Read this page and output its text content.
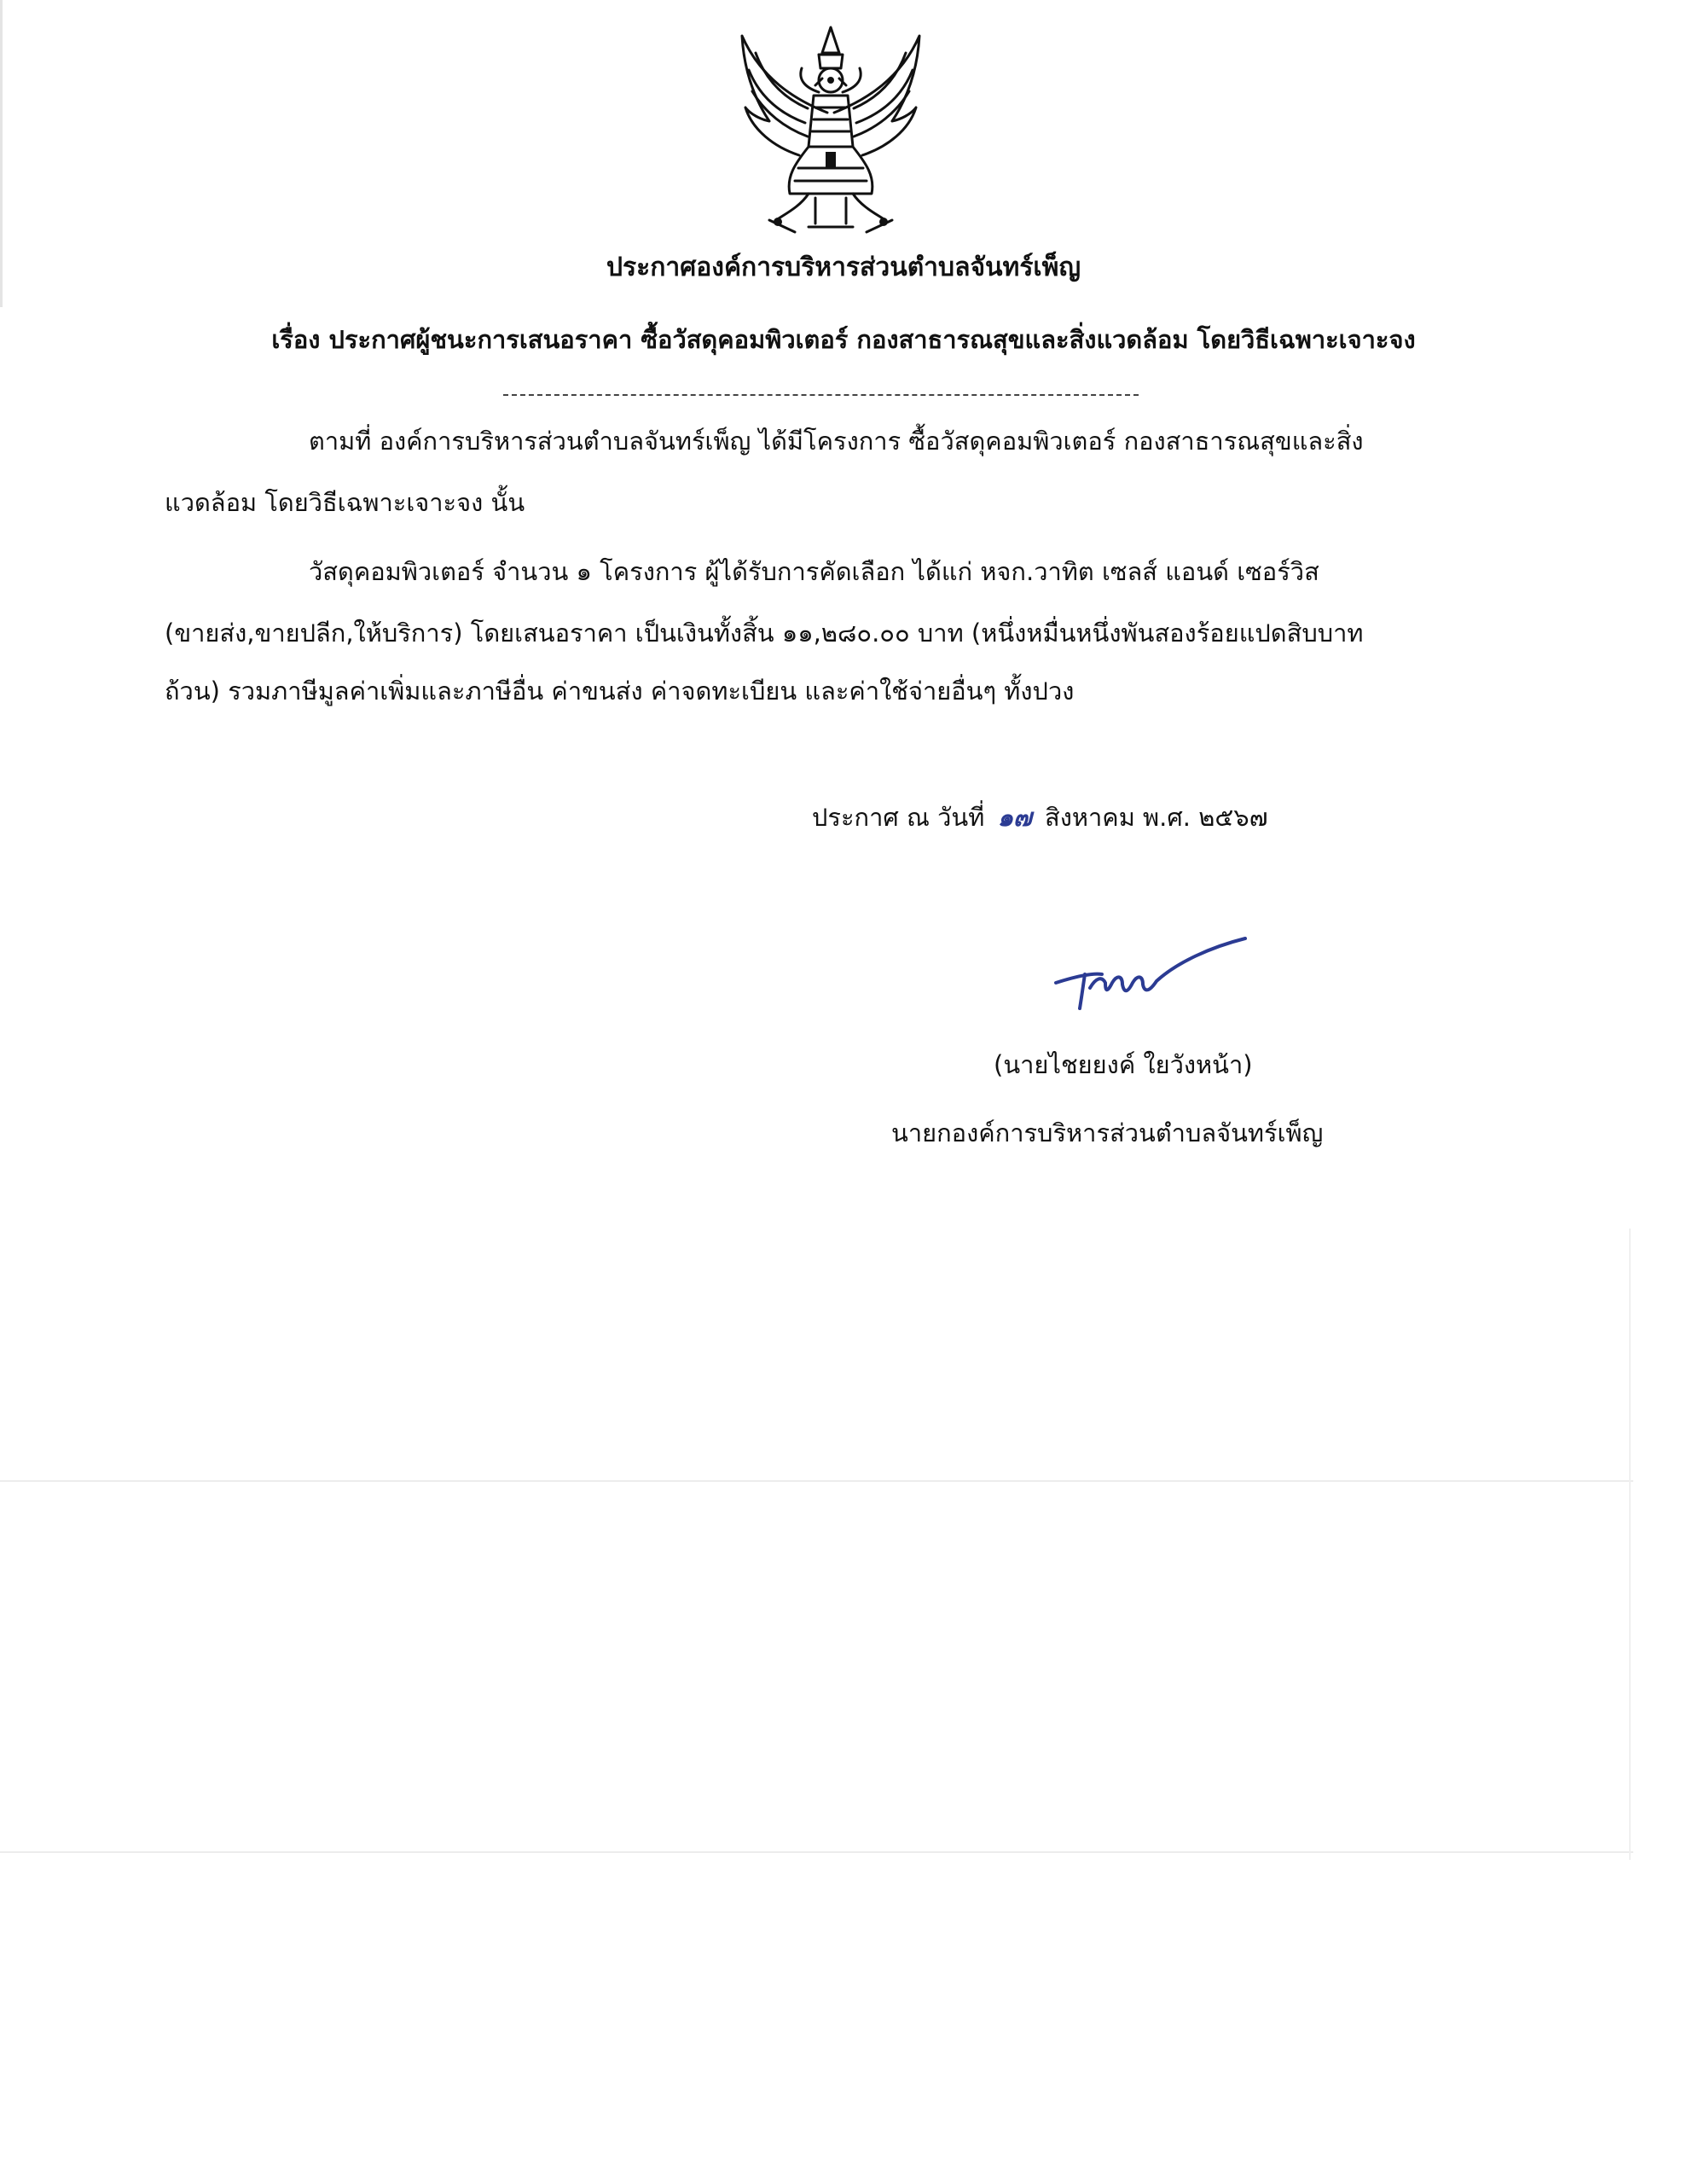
ประกาศองค์การบริหารส่วนตำบลจันทร์เพ็ญ
เรื่อง ประกาศผู้ชนะการเสนอราคา ซื้อวัสดุคอมพิวเตอร์ กองสาธารณสุขและสิ่งแวดล้อม โดยวิธีเฉพาะเจาะจง
ตามที่ องค์การบริหารส่วนตำบลจันทร์เพ็ญ ได้มีโครงการ ซื้อวัสดุคอมพิวเตอร์ กองสาธารณสุขและสิ่ง
แวดล้อม โดยวิธีเฉพาะเจาะจง นั้น
วัสดุคอมพิวเตอร์ จำนวน ๑ โครงการ ผู้ได้รับการคัดเลือก ได้แก่ หจก.วาทิต เซลส์ แอนด์ เซอร์วิส
(ขายส่ง,ขายปลีก,ให้บริการ) โดยเสนอราคา เป็นเงินทั้งสิ้น ๑๑,๒๘๐.๐๐ บาท (หนึ่งหมื่นหนึ่งพันสองร้อยแปดสิบบาท
ถ้วน) รวมภาษีมูลค่าเพิ่มและภาษีอื่น ค่าขนส่ง ค่าจดทะเบียน และค่าใช้จ่ายอื่นๆ ทั้งปวง
ประกาศ ณ วันที่ ๑๗ สิงหาคม พ.ศ. ๒๕๖๗
(นายไชยยงค์ ใยวังหน้า)
นายกองค์การบริหารส่วนตำบลจันทร์เพ็ญ
